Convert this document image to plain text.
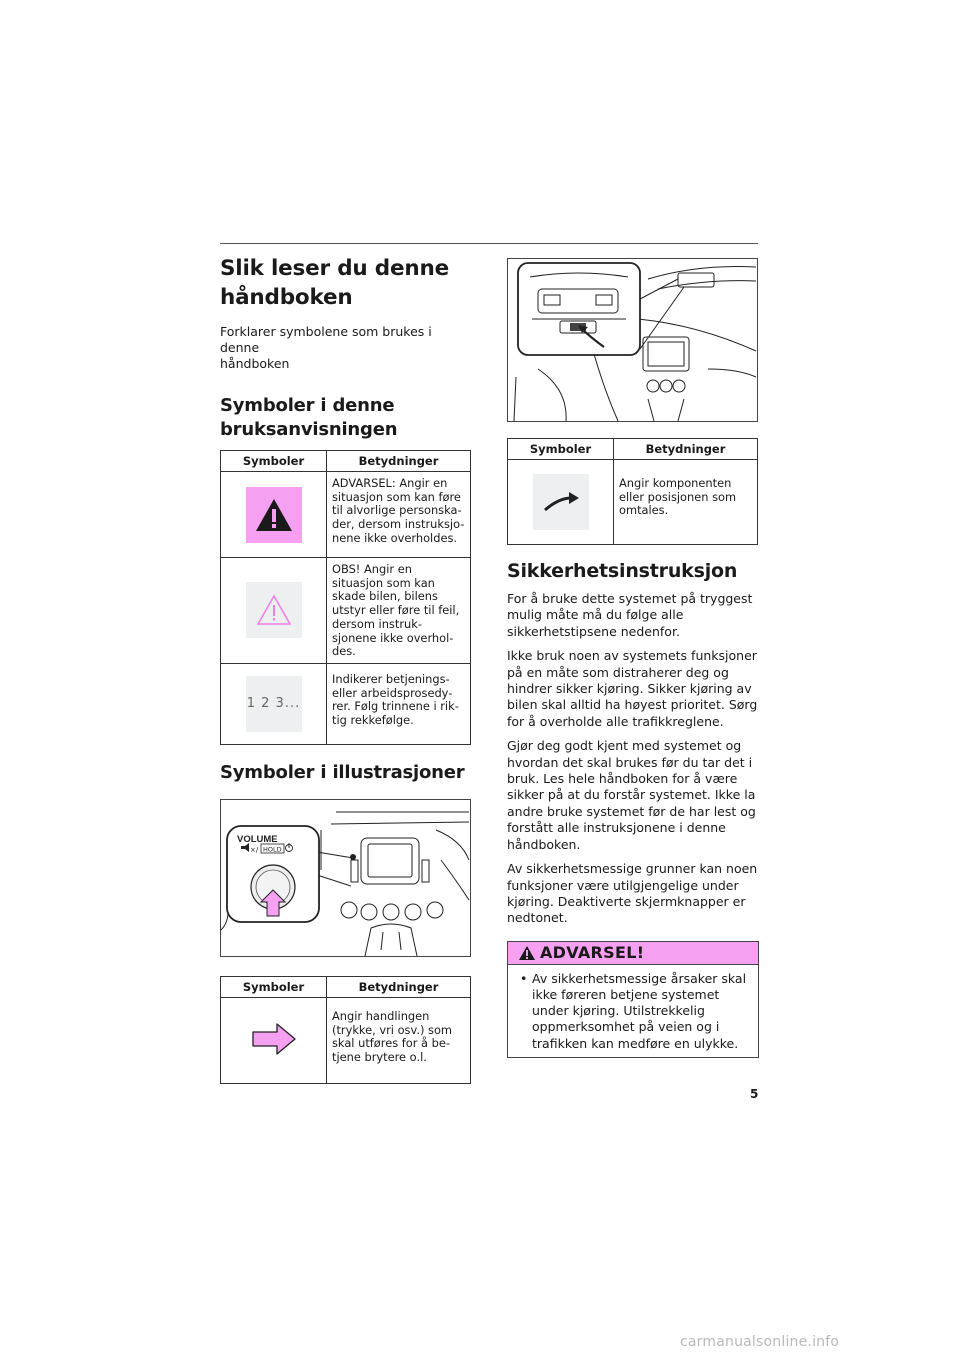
Slik leser du denne
håndboken
Forklarer symbolene som brukes i denne
håndboken
Symboler i denne
bruksanvisningen
Symboler	Betydninger

	ADVARSEL: Angir en situasjon som kan føre til alvorlige personska-der, dersom instruksjo-nene ikke overholdes.

	OBS! Angir en situasjon som kan skade bilen, bilens utstyr eller føre til feil, dersom instruk-sjonene ikke overhol-des.

1 2 3...	Indikerer betjenings-eller arbeidsprosedy-rer. Følg trinnene i rik-tig rekkefølge.
Symboler i illustrasjoner
VOLUME
×/ HOLD
Symboler	Betydninger
	Angir handlingen (trykke, vri osv.) som skal utføres for å be-tjene brytere o.l.
Symboler	Betydninger

	Angir komponenten eller posisjonen som omtales.
Sikkerhetsinstruksjon

For å bruke dette systemet på tryggest mulig måte må du følge alle sikkerhetstipsene nedenfor.

Ikke bruk noen av systemets funksjoner på en måte som distraherer deg og hindrer sikker kjøring. Sikker kjøring av bilen skal alltid ha høyest prioritet. Sørg for å overholde alle trafikkreglene.

Gjør deg godt kjent med systemet og hvordan det skal brukes før du tar det i bruk. Les hele håndboken for å være sikker på at du forstår systemet. Ikke la andre bruke systemet før de har lest og forstått alle instruksjonene i denne håndboken.

Av sikkerhetsmessige grunner kan noen funksjoner være utilgjengelige under kjøring. Deaktiverte skjermknapper er nedtonet.

ADVARSEL!
• Av sikkerhetsmessige årsaker skal ikke føreren betjene systemet under kjøring. Utilstrekkelig oppmerksomhet på veien og i trafikken kan medføre en ulykke.
5
carmanualsonline.info
